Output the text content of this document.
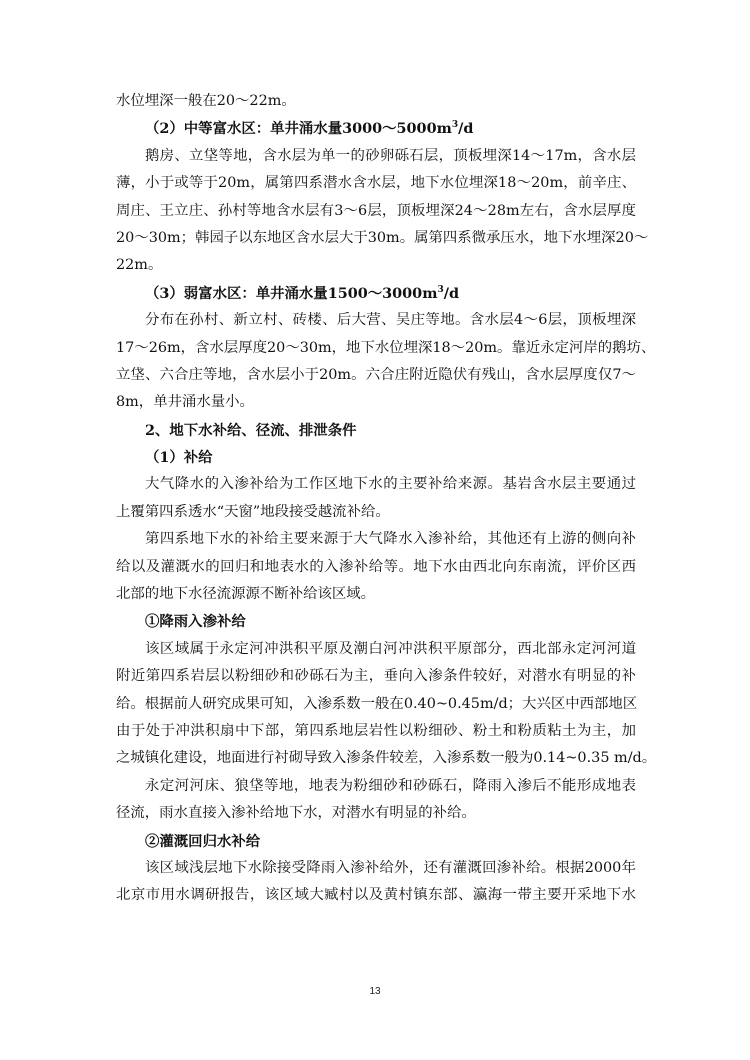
水位埋深一般在20～22m。
（2）中等富水区：单井涌水量$3000\sim 5000m^3/d$
鹅房、立垡等地，含水层为单一的砂卵砾石层，顶板埋深14～17m，含水层
薄，小于或等于20m，属第四系潜水含水层，地下水位埋深18～20m，前辛庄、
周庄、王立庄、孙村等地含水层有3～6层，顶板埋深24～28m左右，含水层厚度
20～30m；韩园子以东地区含水层大于30m。属第四系微承压水，地下水埋深20～
22m。
（3）弱富水区：单井涌水量$1500\sim 3000m^3/d$
分布在孙村、新立村、砖楼、后大营、吴庄等地。含水层4～6层，顶板埋深
17～26m，含水层厚度20～30m，地下水位埋深18～20m。靠近永定河岸的鹅坊、
立垡、六合庄等地，含水层小于20m。六合庄附近隐伏有残山，含水层厚度仅7～
8m，单井涌水量小。
2、地下水补给、径流、排泄条件
（1）补给
大气降水的入渗补给为工作区地下水的主要补给来源。基岩含水层主要通过
上覆第四系透水“天窗”地段接受越流补给。
第四系地下水的补给主要来源于大气降水入渗补给，其他还有上游的侧向补
给以及灌溉水的回归和地表水的入渗补给等。地下水由西北向东南流，评价区西
北部的地下水径流源源不断补给该区域。
①降雨入渗补给
该区域属于永定河冲洪积平原及潮白河冲洪积平原部分，西北部永定河河道
附近第四系岩层以粉细砂和砂砾石为主，垂向入渗条件较好，对潜水有明显的补
给。根据前人研究成果可知，入渗系数一般在0.40~0.45m/d；大兴区中西部地区
由于处于冲洪积扇中下部，第四系地层岩性以粉细砂、粉土和粉质粘土为主，加
之城镇化建设，地面进行衬砌导致入渗条件较差，入渗系数一般为0.14~0.35 m/d。
永定河河床、狼垡等地，地表为粉细砂和砂砾石，降雨入渗后不能形成地表
径流，雨水直接入渗补给地下水，对潜水有明显的补给。
②灌溉回归水补给
该区域浅层地下水除接受降雨入渗补给外，还有灌溉回渗补给。根据2000年
北京市用水调研报告，该区域大臧村以及黄村镇东部、瀛海一带主要开采地下水
13
